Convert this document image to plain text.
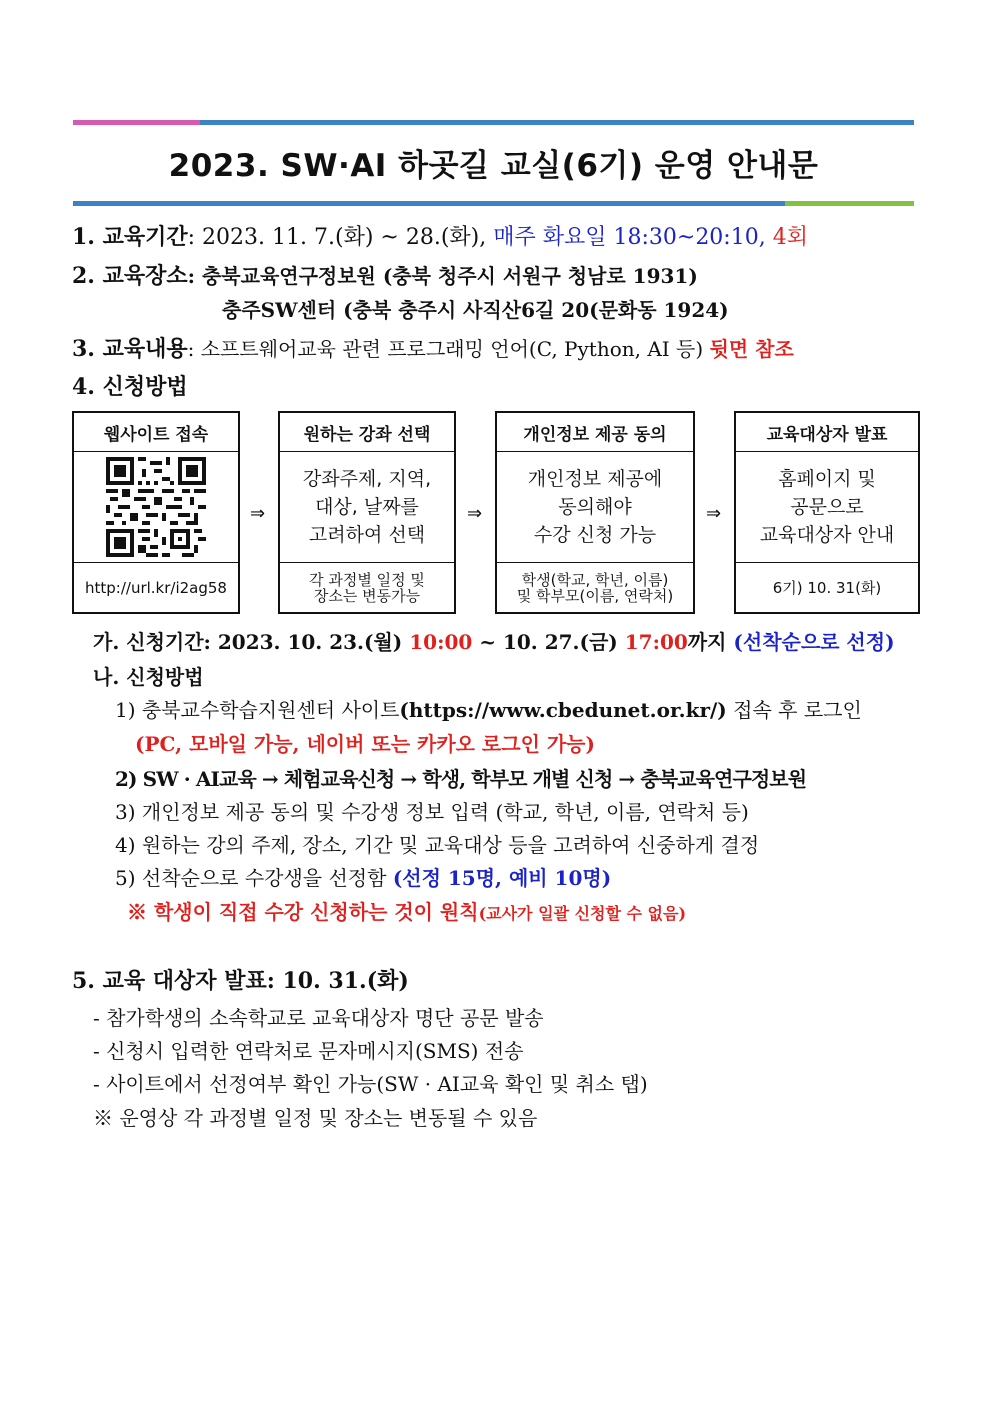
2023. SW·AI 하곳길 교실(6기) 운영 안내문
1. 교육기간: 2023. 11. 7.(화) ~ 28.(화), 매주 화요일 18:30~20:10, 4회
2. 교육장소: 충북교육연구정보원 (충북 청주시 서원구 청남로 1931)
충주SW센터 (충북 충주시 사직산6길 20(문화동 1924)
3. 교육내용: 소프트웨어교육 관련 프로그래밍 언어(C, Python, AI 등) 뒷면 참조
4. 신청방법
웹사이트 접속
http://url.kr/i2ag58
⇒
원하는 강좌 선택
강좌주제, 지역,
대상, 날짜를
고려하여 선택
각 과정별 일정 및
장소는 변동가능
⇒
개인정보 제공 동의
개인정보 제공에
동의해야
수강 신청 가능
학생(학교, 학년, 이름)
및 학부모(이름, 연락처)
⇒
교육대상자 발표
홈페이지 및
공문으로
교육대상자 안내
6기) 10. 31(화)
가. 신청기간: 2023. 10. 23.(월) 10:00 ~ 10. 27.(금) 17:00까지 (선착순으로 선정)
나. 신청방법
1) 충북교수학습지원센터 사이트(https://www.cbedunet.or.kr/) 접속 후 로그인
(PC, 모바일 가능, 네이버 또는 카카오 로그인 가능)
2) SW · AI교육 → 체험교육신청 → 학생, 학부모 개별 신청 → 충북교육연구정보원
3) 개인정보 제공 동의 및 수강생 정보 입력 (학교, 학년, 이름, 연락처 등)
4) 원하는 강의 주제, 장소, 기간 및 교육대상 등을 고려하여 신중하게 결정
5) 선착순으로 수강생을 선정함 (선정 15명, 예비 10명)
※ 학생이 직접 수강 신청하는 것이 원칙(교사가 일괄 신청할 수 없음)
5. 교육 대상자 발표: 10. 31.(화)
- 참가학생의 소속학교로 교육대상자 명단 공문 발송
- 신청시 입력한 연락처로 문자메시지(SMS) 전송
- 사이트에서 선정여부 확인 가능(SW · AI교육 확인 및 취소 탭)
※ 운영상 각 과정별 일정 및 장소는 변동될 수 있음
